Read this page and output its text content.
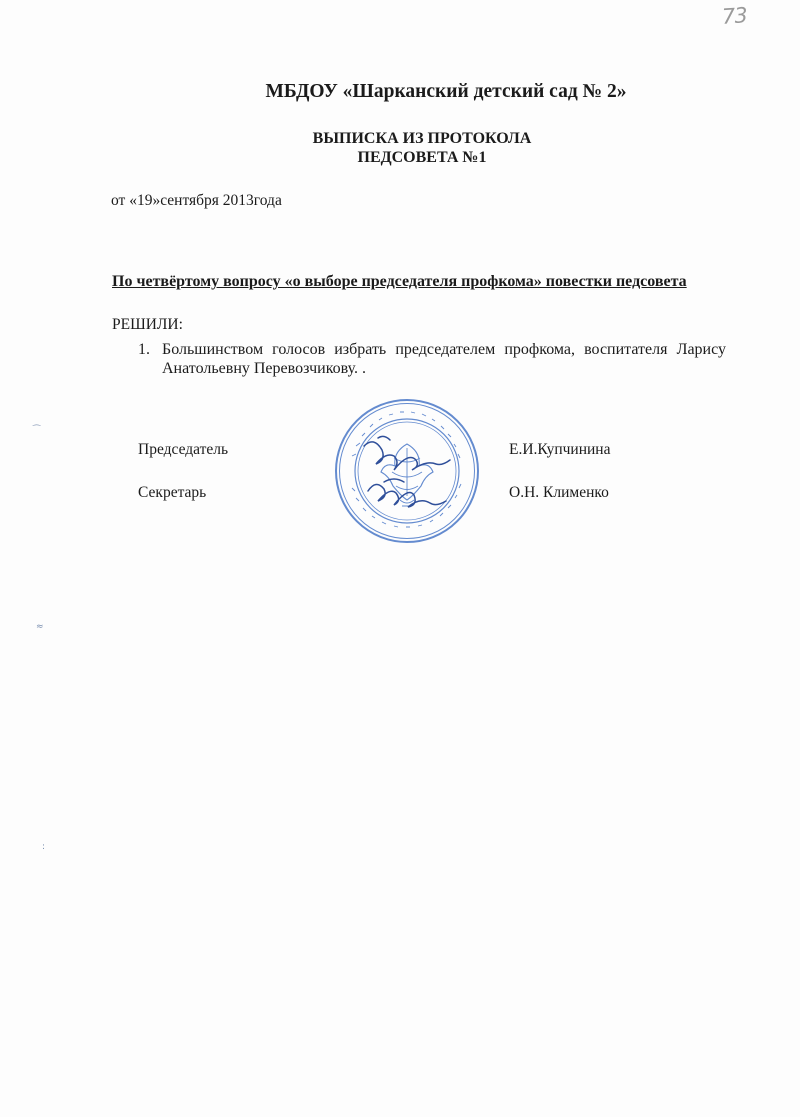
73
МБДОУ «Шарканский детский сад № 2»
ВЫПИСКА ИЗ ПРОТОКОЛА
ПЕДСОВЕТА №1
от «19»сентября 2013года
По четвёртому вопросу «о выборе председателя профкома» повестки педсовета
РЕШИЛИ:
1. Большинством голосов избрать председателем профкома, воспитателя Ларису Анатольевну Перевозчикову. .
Председатель	Е.И.Купчинина
Секретарь	О.Н. Клименко
⁀
≈
:
